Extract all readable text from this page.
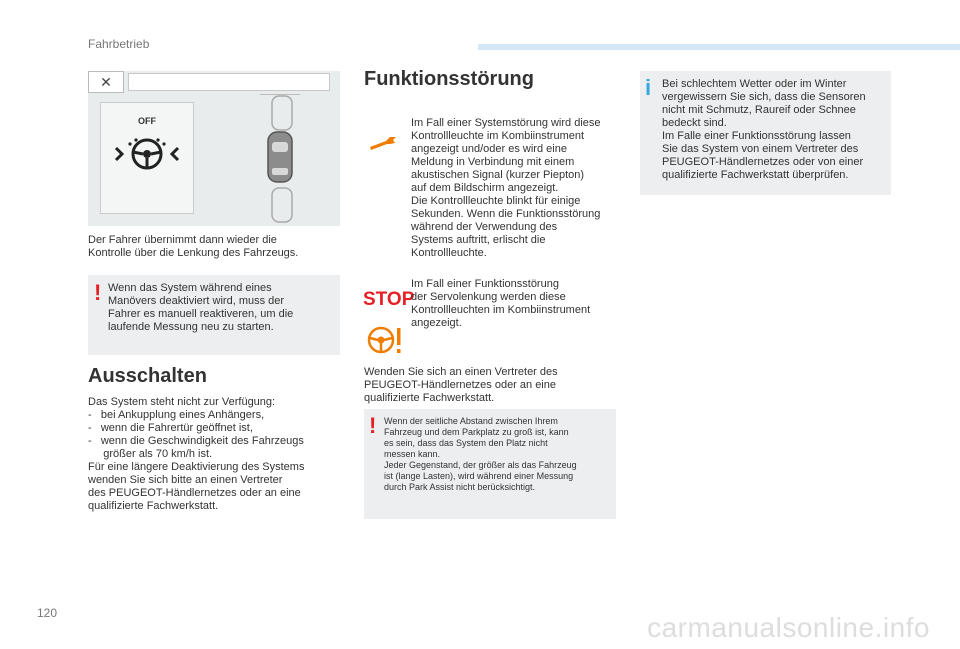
Fahrbetrieb
✕
OFF
Der Fahrer übernimmt dann wieder die
Kontrolle über die Lenkung des Fahrzeugs.
! Wenn das System während eines
Manövers deaktiviert wird, muss der
Fahrer es manuell reaktiveren, um die
laufende Messung neu zu starten.
Ausschalten
Das System steht nicht zur Verfügung:
-   bei Ankupplung eines Anhängers,
-   wenn die Fahrertür geöffnet ist,
-   wenn die Geschwindigkeit des Fahrzeugs
größer als 70 km/h ist.
Für eine längere Deaktivierung des Systems
wenden Sie sich bitte an einen Vertreter
des PEUGEOT-Händlernetzes oder an eine
qualifizierte Fachwerkstatt.
Funktionsstörung
Im Fall einer Systemstörung wird diese
Kontrollleuchte im Kombiinstrument
angezeigt und/oder es wird eine
Meldung in Verbindung mit einem
akustischen Signal (kurzer Piepton)
auf dem Bildschirm angezeigt.
Die Kontrollleuchte blinkt für einige
Sekunden. Wenn die Funktionsstörung
während der Verwendung des
Systems auftritt, erlischt die
Kontrollleuchte.
STOP
Im Fall einer Funktionsstörung
der Servolenkung werden diese
Kontrollleuchten im Kombiinstrument
angezeigt.
Wenden Sie sich an einen Vertreter des
PEUGEOT-Händlernetzes oder an eine
qualifizierte Fachwerkstatt.
! Wenn der seitliche Abstand zwischen Ihrem
Fahrzeug und dem Parkplatz zu groß ist, kann
es sein, dass das System den Platz nicht
messen kann.
Jeder Gegenstand, der größer als das Fahrzeug
ist (lange Lasten), wird während einer Messung
durch Park Assist nicht berücksichtigt.
i Bei schlechtem Wetter oder im Winter
vergewissern Sie sich, dass die Sensoren
nicht mit Schmutz, Raureif oder Schnee
bedeckt sind.
Im Falle einer Funktionsstörung lassen
Sie das System von einem Vertreter des
PEUGEOT-Händlernetzes oder von einer
qualifizierte Fachwerkstatt überprüfen.
120	carmanualsonline.info
